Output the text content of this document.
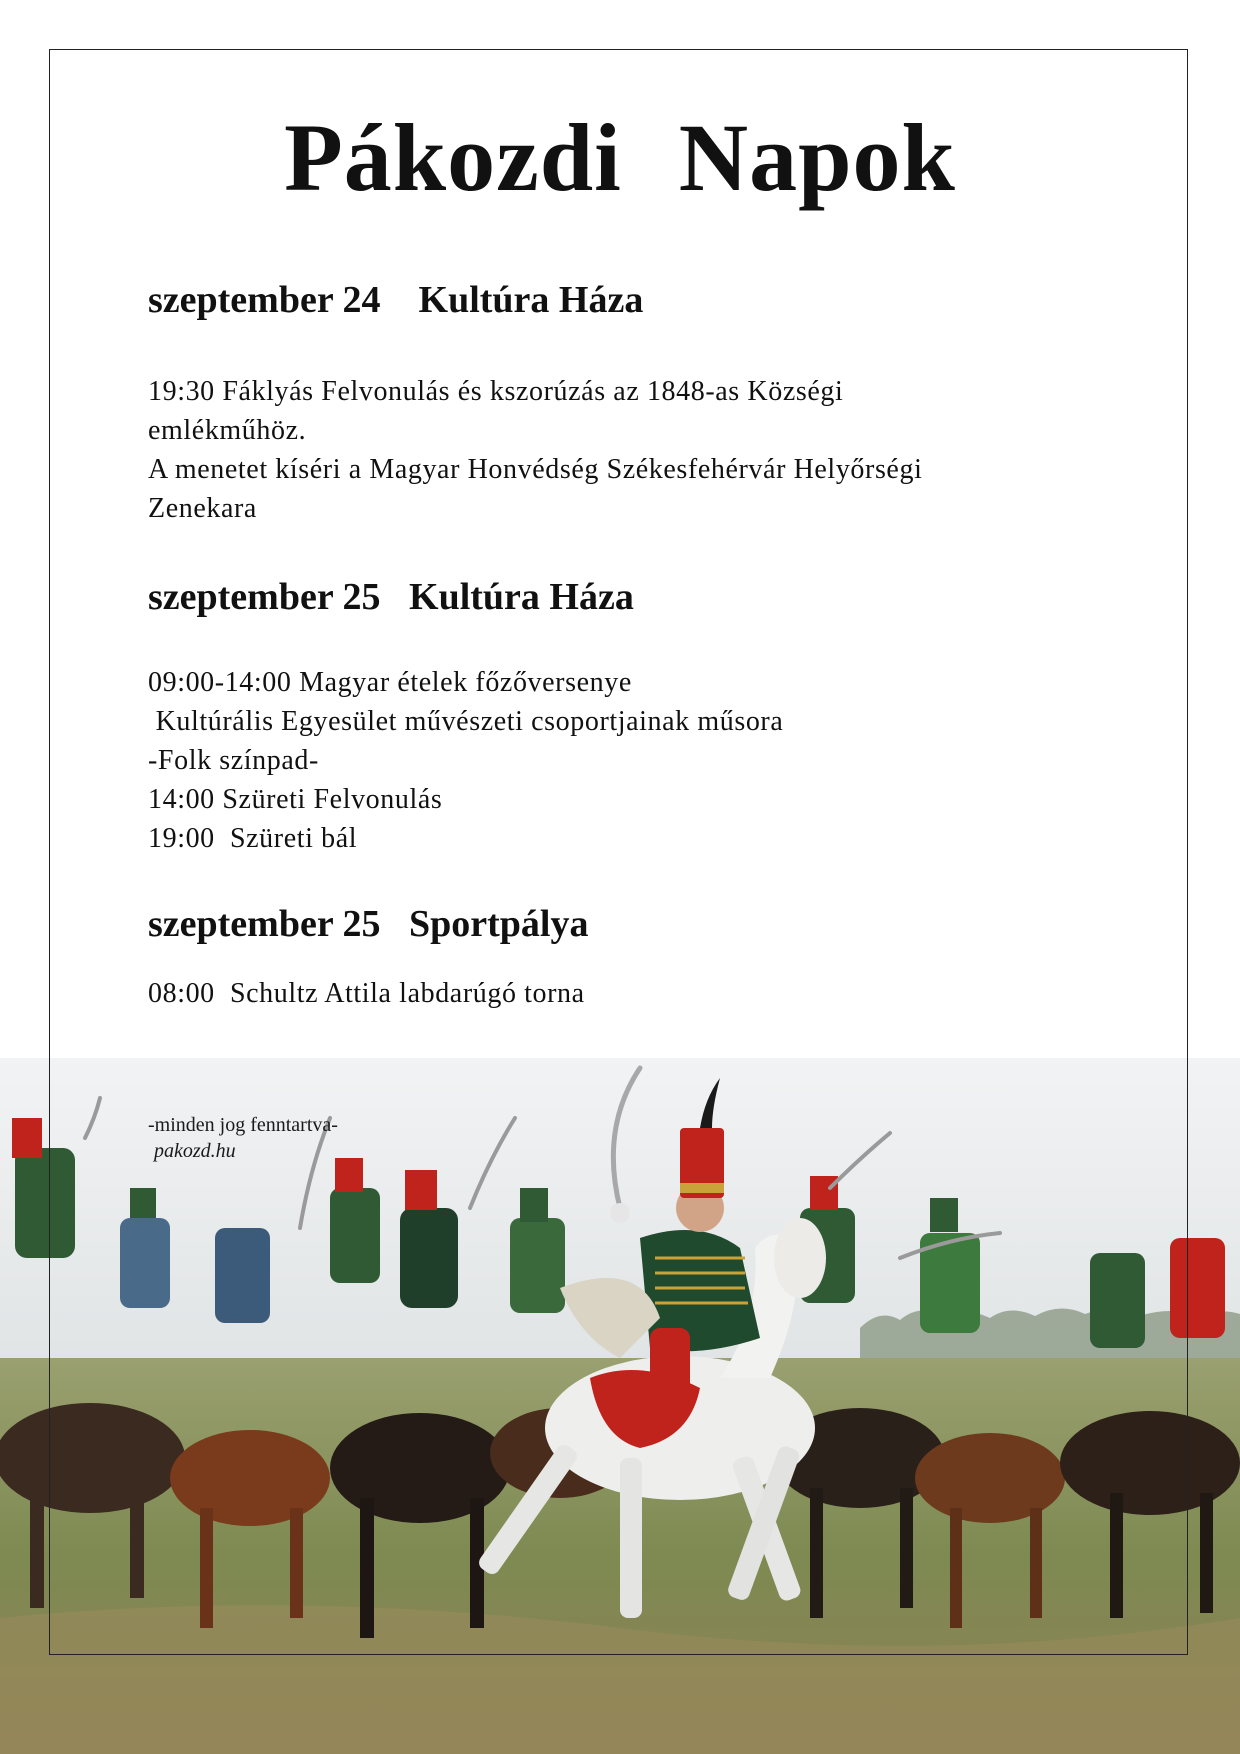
Pákozdi Napok
szeptember 24    Kultúra Háza
19:30 Fáklyás Felvonulás és kszorúzás az 1848-as Községi
emlékműhöz.
A menetet kíséri a Magyar Honvédség Székesfehérvár Helyőrségi
Zenekara
szeptember 25   Kultúra Háza
09:00-14:00 Magyar ételek főzőversenye
Kultúrális Egyesület művészeti csoportjainak műsora
-Folk színpad-
14:00 Szüreti Felvonulás
19:00  Szüreti bál
szeptember 25   Sportpálya
08:00  Schultz Attila labdarúgó torna
-minden jog fenntartva-
pakozd.hu
